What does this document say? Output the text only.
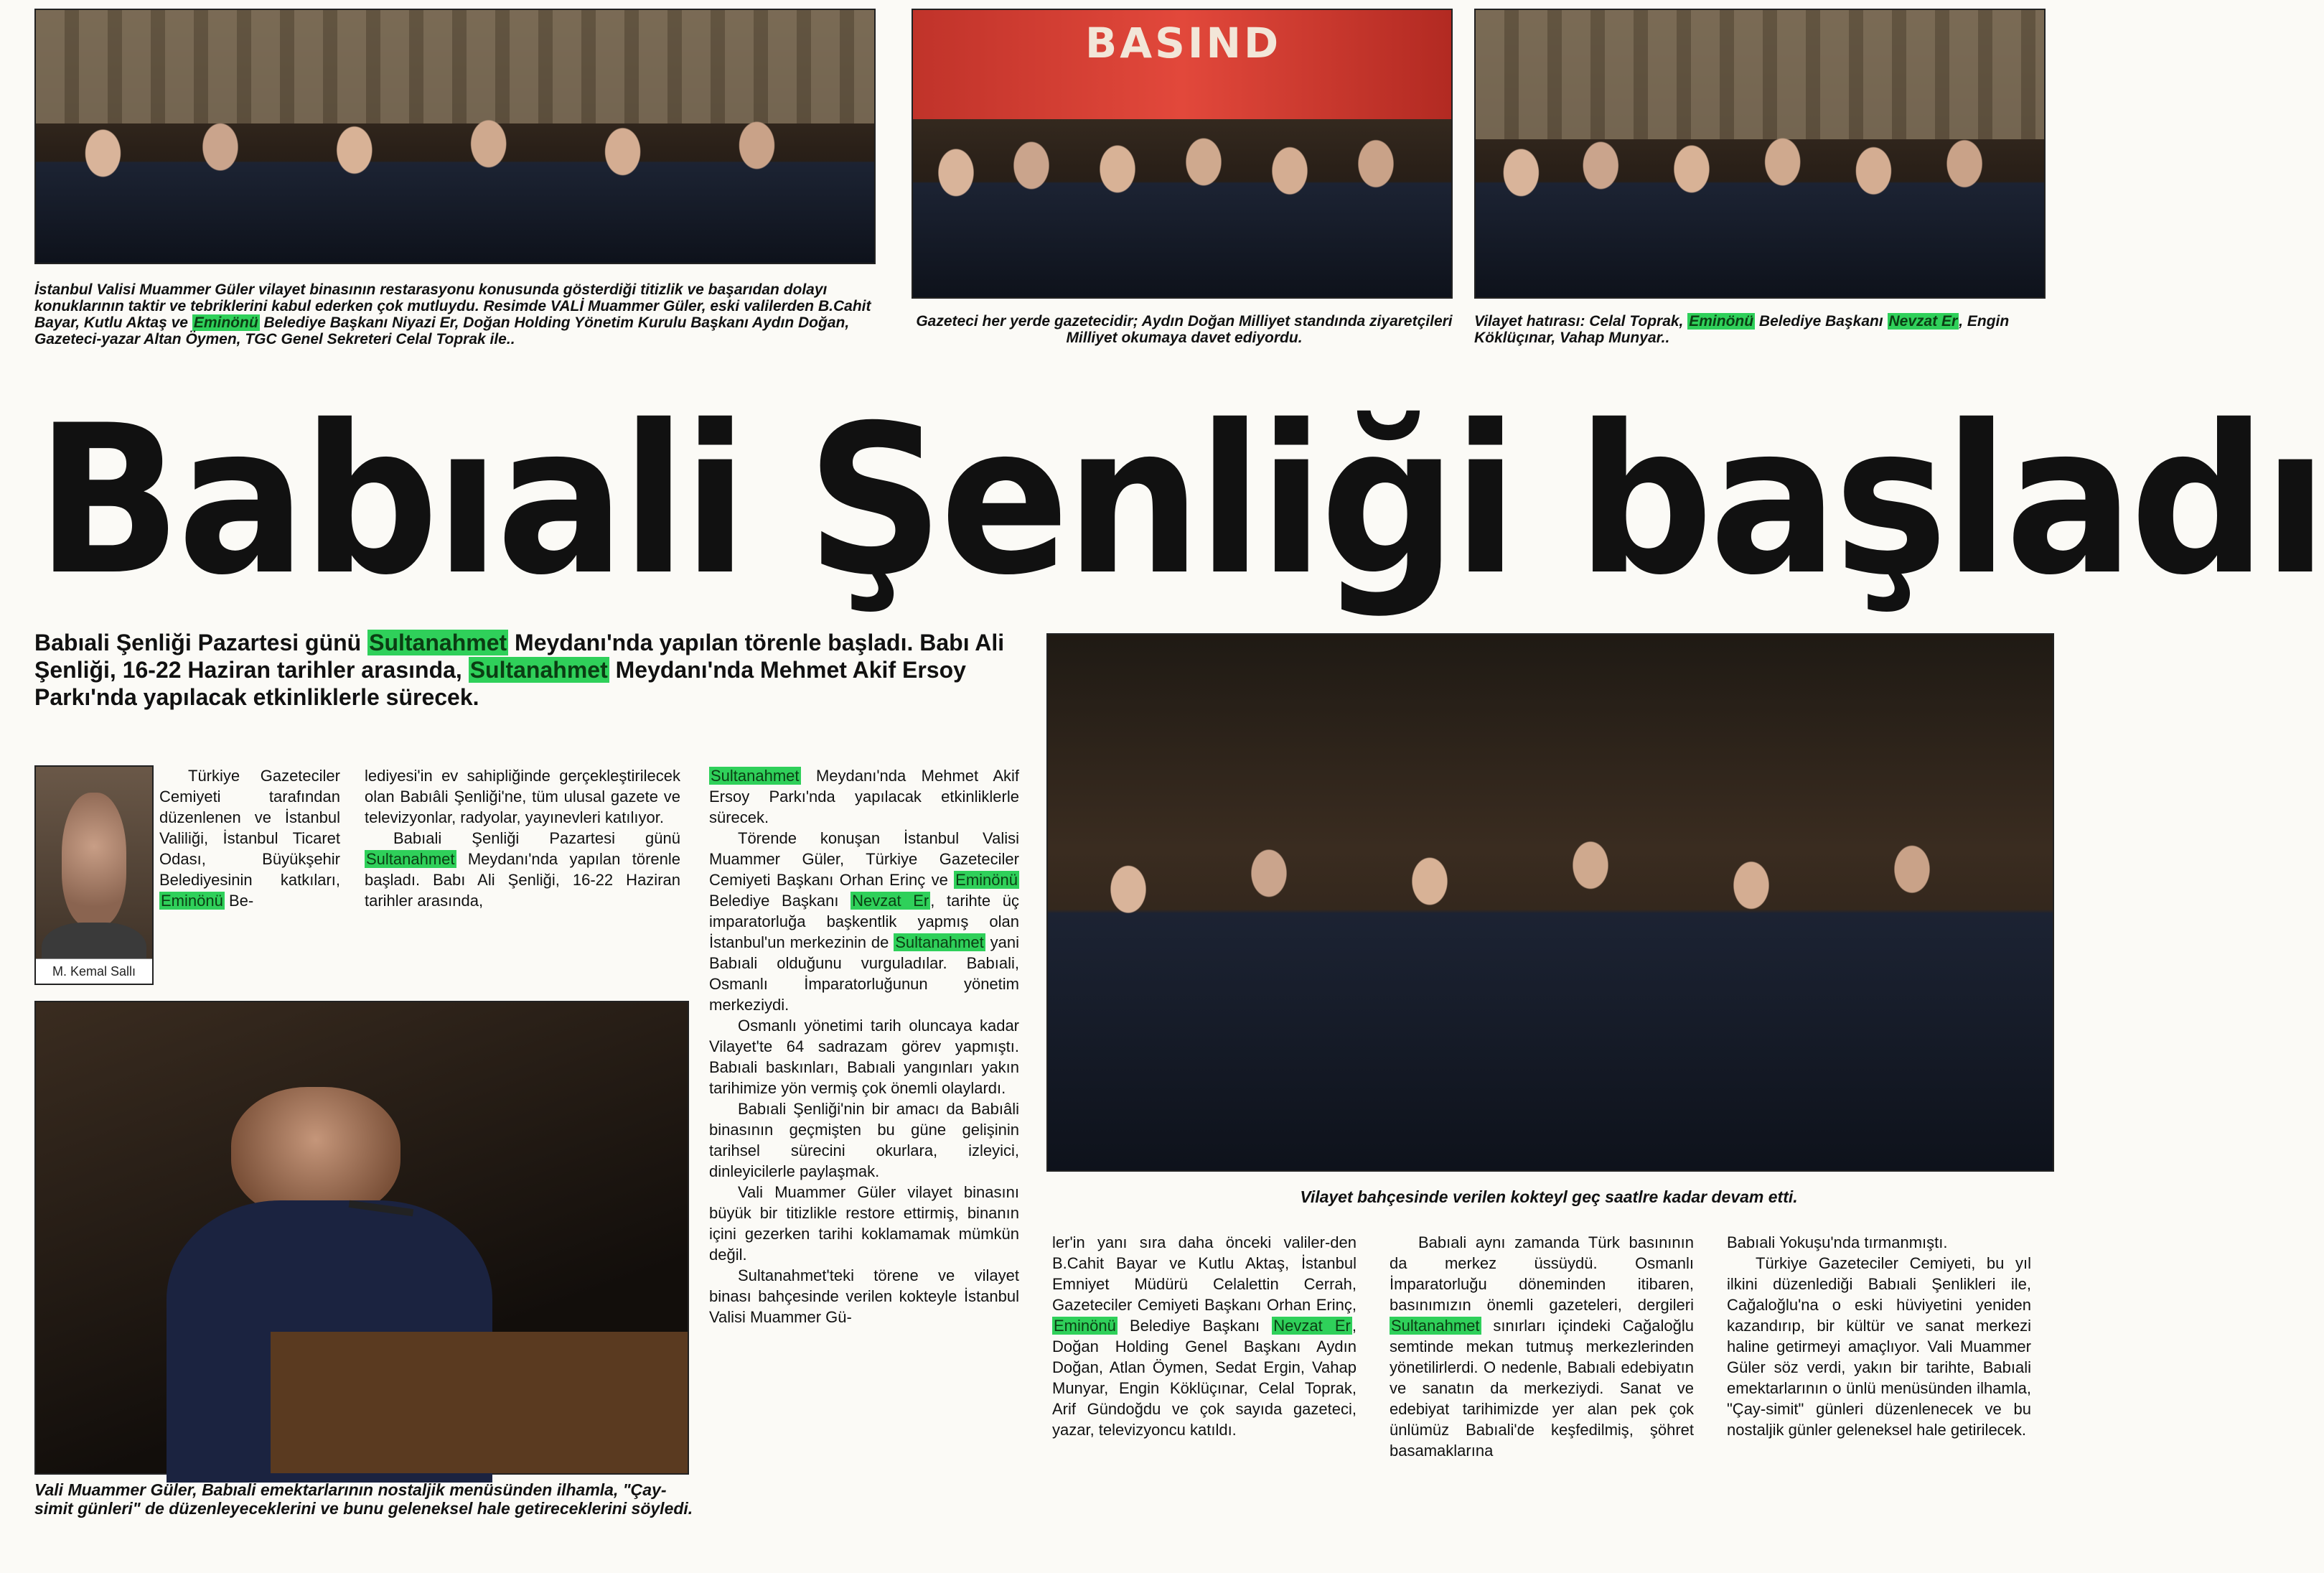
İstanbul Valisi Muammer Güler vilayet binasının restarasyonu konusunda gösterdiği titizlik ve başarıdan dolayı konuklarının taktir ve tebriklerini kabul ederken çok mutluydu. Resimde VALİ Muammer Güler, eski valilerden B.Cahit Bayar, Kutlu Aktaş ve Eminönü Belediye Başkanı Niyazi Er, Doğan Holding Yönetim Kurulu Başkanı Aydın Doğan, Gazeteci-yazar Altan Öymen, TGC Genel Sekreteri Celal Toprak ile..
BASIND
Gazeteci her yerde gazetecidir; Aydın Doğan Milliyet standında ziyaretçileri Milliyet okumaya davet ediyordu.
Vilayet hatırası: Celal Toprak, Eminönü Belediye Başkanı Nevzat Er, Engin Köklüçınar, Vahap Munyar..
Babıali Şenliği başladı
Babıali Şenliği Pazartesi günü Sultanahmet Meydanı'nda yapılan törenle başladı. Babı Ali Şenliği, 16-22 Haziran tarihler arasında, Sultanahmet Meydanı'nda Mehmet Akif Ersoy Parkı'nda yapılacak etkinliklerle sürecek.
M. Kemal Sallı

Türkiye Gazeteciler Cemiyeti tarafından düzenlenen ve İstanbul Valiliği, İstanbul Ticaret Odası, Büyükşehir Belediyesinin katkıları, Eminönü Be-

lediyesi'in ev sahipliğinde gerçekleştirilecek olan Babıâli Şenliği'ne, tüm ulusal gazete ve televizyonlar, radyolar, yayınevleri katılıyor.

Babıali Şenliği Pazartesi günü Sultanahmet Meydanı'nda yapılan törenle başladı. Babı Ali Şenliği, 16-22 Haziran tarihler arasında,

Vali Muammer Güler, Babıali emektarlarının nostaljik menüsünden ilhamla, "Çay-simit günleri" de düzenleyeceklerini ve bunu geleneksel hale getireceklerini söyledi.

Sultanahmet Meydanı'nda Mehmet Akif Ersoy Parkı'nda yapılacak etkinliklerle sürecek.

Törende konuşan İstanbul Valisi Muammer Güler, Türkiye Gazeteciler Cemiyeti Başkanı Orhan Erinç ve Eminönü Belediye Başkanı Nevzat Er, tarihte üç imparatorluğa başkentlik yapmış olan İstanbul'un merkezinin de Sultanahmet yani Babıali olduğunu vurguladılar. Babıali, Osmanlı İmparatorluğunun yönetim merkeziydi.

Osmanlı yönetimi tarih oluncaya kadar Vilayet'te 64 sadrazam görev yapmıştı. Babıali baskınları, Babıali yangınları yakın tarihimize yön vermiş çok önemli olaylardı.

Babıali Şenliği'nin bir amacı da Babıâli binasının geçmişten bu güne gelişinin tarihsel sürecini okurlara, izleyici, dinleyicilerle paylaşmak.

Vali Muammer Güler vilayet binasını büyük bir titizlikle restore ettirmiş, binanın içini gezerken tarihi koklamamak mümkün değil.

Sultanahmet'teki törene ve vilayet binası bahçesinde verilen kokteyle İstanbul Valisi Muammer Gü-

Vilayet bahçesinde verilen kokteyl geç saatlre kadar devam etti.

ler'in yanı sıra daha önceki valiler-den B.Cahit Bayar ve Kutlu Aktaş, İstanbul Emniyet Müdürü Celalettin Cerrah, Gazeteciler Cemiyeti Başkanı Orhan Erinç, Eminönü Belediye Başkanı Nevzat Er, Doğan Holding Genel Başkanı Aydın Doğan, Atlan Öymen, Sedat Ergin, Vahap Munyar, Engin Köklüçınar, Celal Toprak, Arif Gündoğdu ve çok sayıda gazeteci, yazar, televizyoncu katıldı.

Babıali aynı zamanda Türk basınının da merkez üssüydü. Osmanlı İmparatorluğu döneminden itibaren, basınımızın önemli gazeteleri, dergileri Sultanahmet sınırları içindeki Cağaloğlu semtinde mekan tutmuş merkezlerinden yönetilirlerdi. O nedenle, Babıali edebiyatın ve sanatın da merkeziydi. Sanat ve edebiyat tarihimizde yer alan pek çok ünlümüz Babıali'de keşfedilmiş, şöhret basamaklarına

Babıali Yokuşu'nda tırmanmıştı.

Türkiye Gazeteciler Cemiyeti, bu yıl ilkini düzenlediği Babıali Şenlikleri ile, Cağaloğlu'na o eski hüviyetini yeniden kazandırıp, bir kültür ve sanat merkezi haline getirmeyi amaçlıyor. Vali Muammer Güler söz verdi, yakın bir tarihte, Babıali emektarlarının o ünlü menüsünden ilhamla, "Çay-simit" günleri düzenlenecek ve bu nostaljik günler geleneksel hale getirilecek.
